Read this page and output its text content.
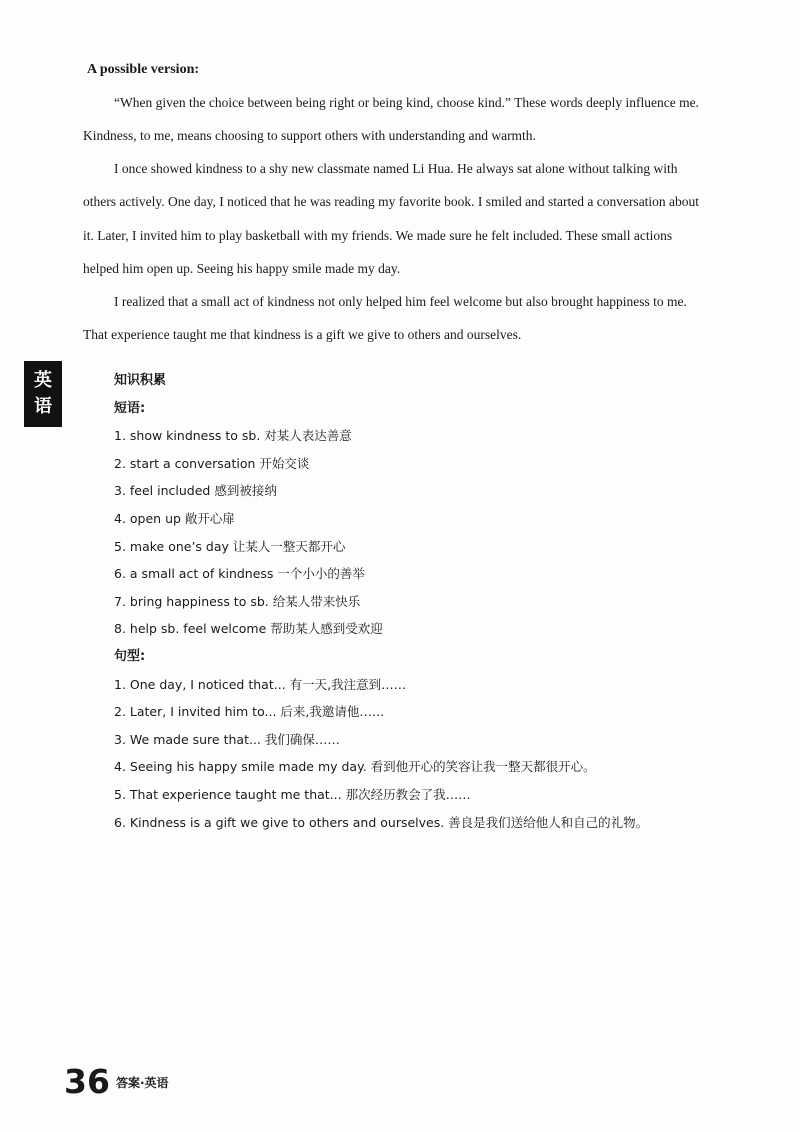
A possible version:

“When given the choice between being right or being kind, choose kind.” These words deeply influence me.

Kindness, to me, means choosing to support others with understanding and warmth.

I once showed kindness to a shy new classmate named Li Hua. He always sat alone without talking with

others actively. One day, I noticed that he was reading my favorite book. I smiled and started a conversation about

it. Later, I invited him to play basketball with my friends. We made sure he felt included. These small actions

helped him open up. Seeing his happy smile made my day.

I realized that a small act of kindness not only helped him feel welcome but also brought happiness to me.

That experience taught me that kindness is a gift we give to others and ourselves.

英
语
知识积累
短语:
1. show kindness to sb. 对某人表达善意
2. start a conversation 开始交谈
3. feel included 感到被接纳
4. open up 敞开心扉
5. make one’s day 让某人一整天都开心
6. a small act of kindness 一个小小的善举
7. bring happiness to sb. 给某人带来快乐
8. help sb. feel welcome 帮助某人感到受欢迎
句型:
1. One day, I noticed that... 有一天,我注意到……
2. Later, I invited him to... 后来,我邀请他……
3. We made sure that... 我们确保……
4. Seeing his happy smile made my day. 看到他开心的笑容让我一整天都很开心。
5. That experience taught me that... 那次经历教会了我……
6. Kindness is a gift we give to others and ourselves. 善良是我们送给他人和自己的礼物。
36 答案·英语
